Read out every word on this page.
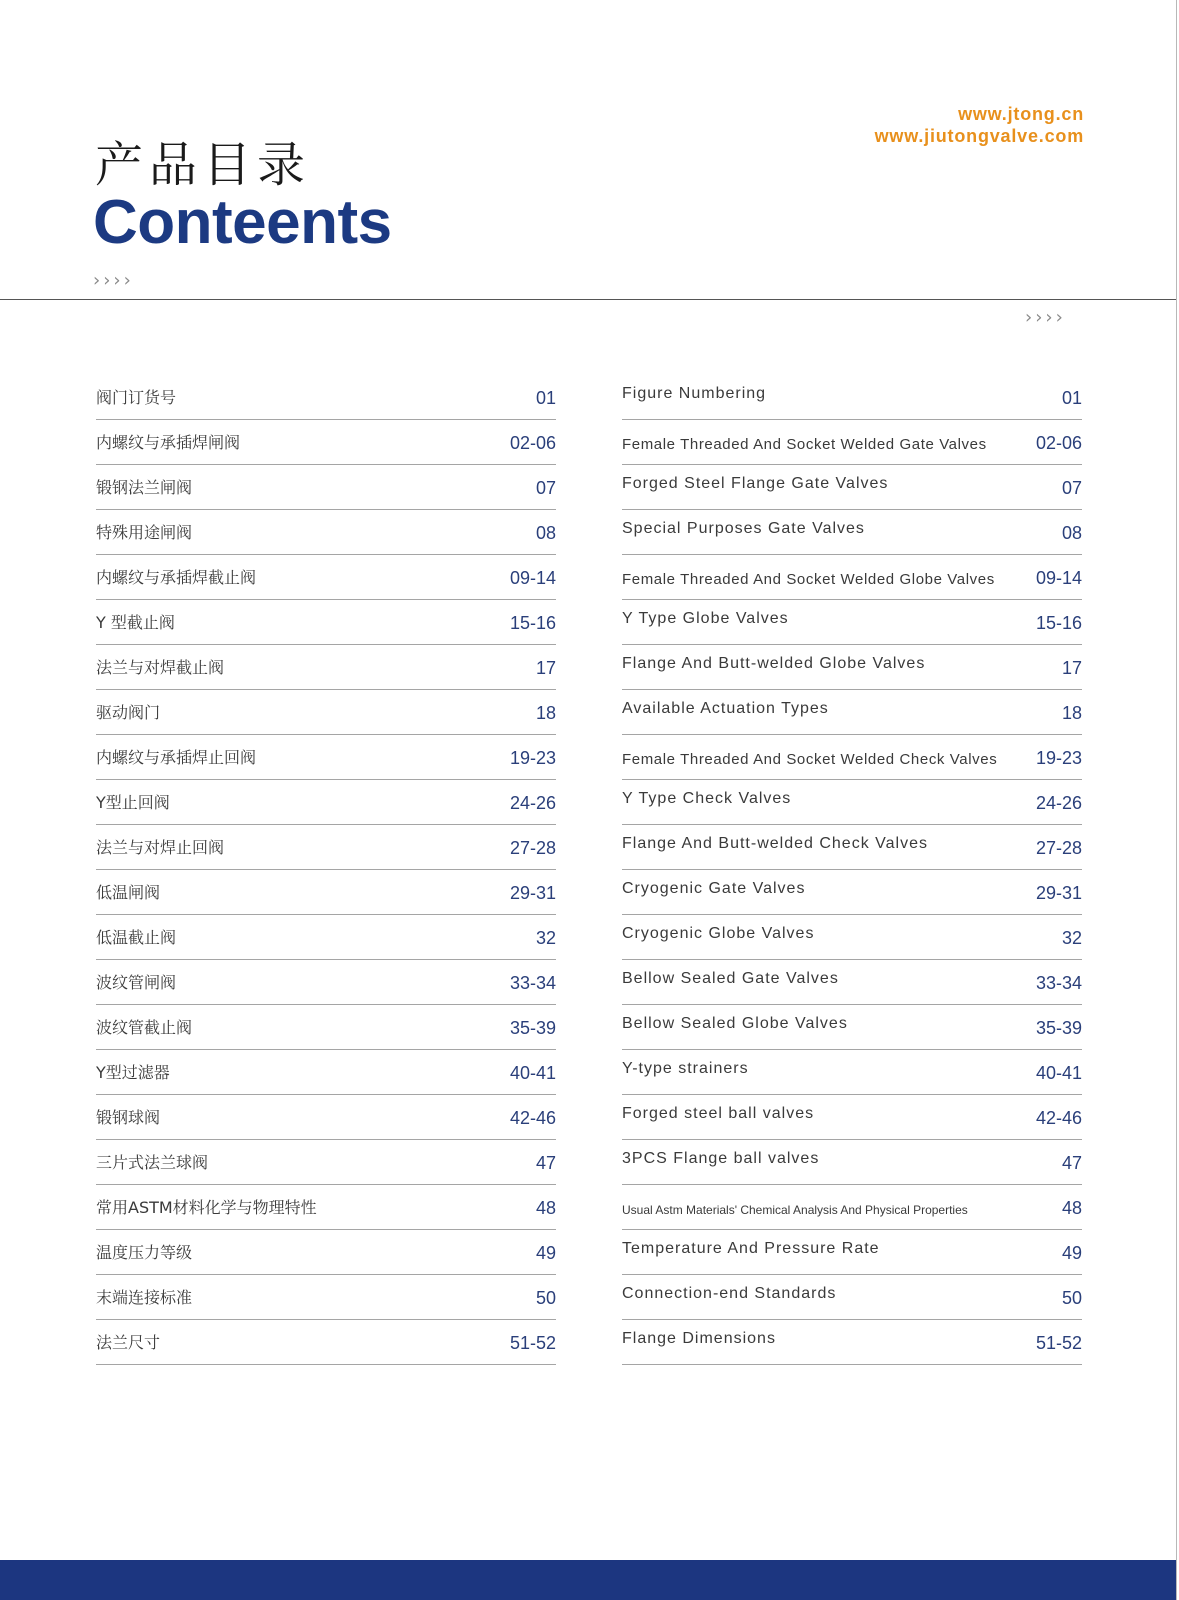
www.jtong.cn
www.jiutongvalve.com
产品目录
Conteents
››››
››››
阀门订货号	01
内螺纹与承插焊闸阀	02-06
锻钢法兰闸阀	07
特殊用途闸阀	08
内螺纹与承插焊截止阀	09-14
Y 型截止阀	15-16
法兰与对焊截止阀	17
驱动阀门	18
内螺纹与承插焊止回阀	19-23
Y型止回阀	24-26
法兰与对焊止回阀	27-28
低温闸阀	29-31
低温截止阀	32
波纹管闸阀	33-34
波纹管截止阀	35-39
Y型过滤器	40-41
锻钢球阀	42-46
三片式法兰球阀	47
常用ASTM材料化学与物理特性	48
温度压力等级	49
末端连接标准	50
法兰尺寸	51-52
Figure Numbering	01
Female Threaded And Socket Welded Gate Valves	02-06
Forged Steel Flange Gate Valves	07
Special Purposes Gate Valves	08
Female Threaded And Socket Welded Globe Valves 09-14
Y Type Globe Valves	15-16
Flange And Butt-welded Globe Valves	17
Available Actuation Types	18
Female Threaded And Socket Welded Check Valves 19-23
Y Type Check Valves	24-26
Flange And Butt-welded Check Valves	27-28
Cryogenic Gate Valves	29-31
Cryogenic Globe Valves	32
Bellow Sealed Gate Valves	33-34
Bellow Sealed Globe Valves	35-39
Y-type strainers	40-41
Forged steel ball valves	42-46
3PCS Flange ball valves	47
Usual Astm Materials' Chemical Analysis And Physical Properties	48
Temperature And Pressure Rate	49
Connection-end Standards	50
Flange Dimensions	51-52
